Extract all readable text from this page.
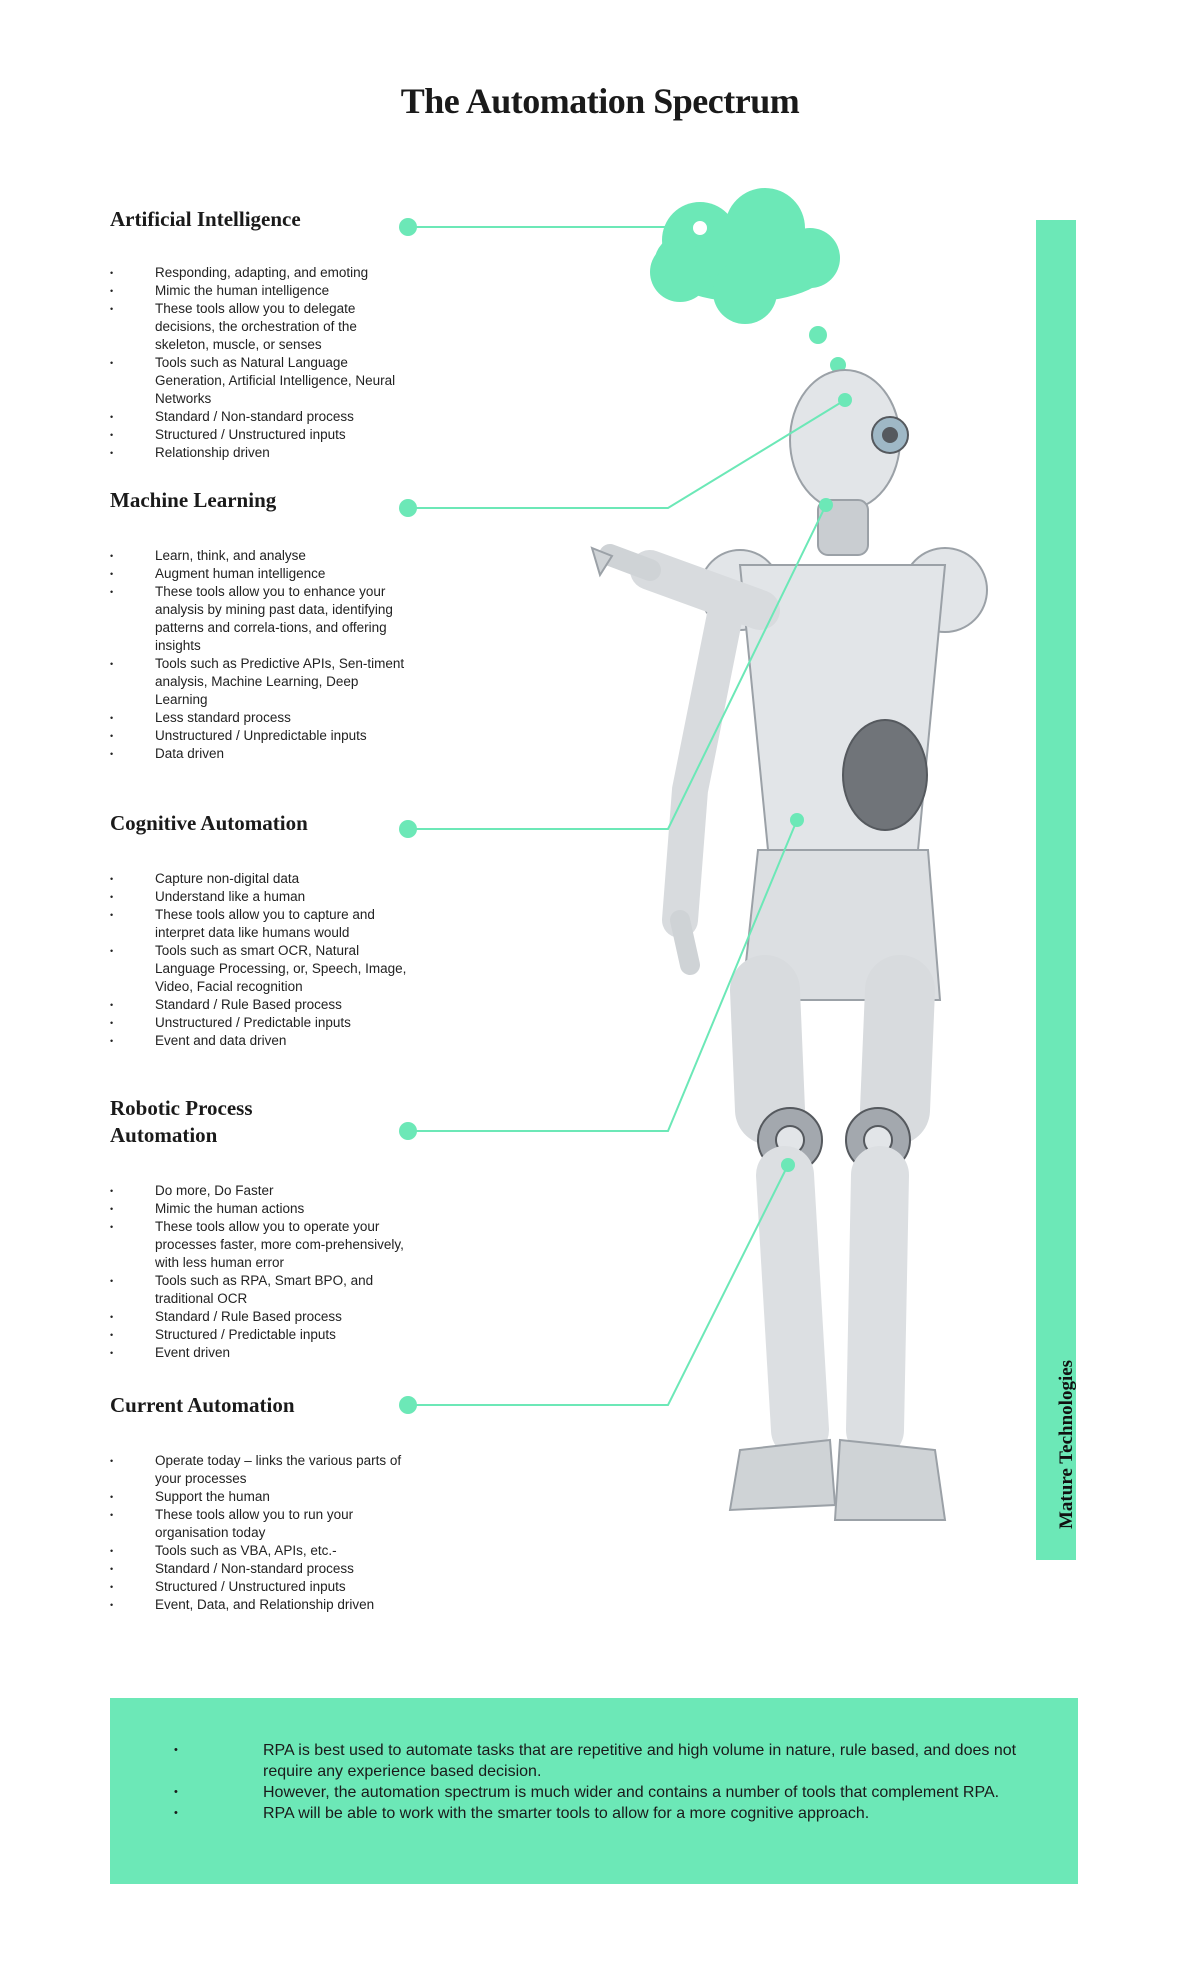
The Automation Spectrum
Artificial Intelligence
• Responding, adapting, and emoting
• Mimic the human intelligence
• These tools allow you to delegate decisions, the orchestration of the skeleton, muscle, or senses
• Tools such as Natural Language Generation, Artificial Intelligence, Neural Networks
• Standard / Non-standard process
• Structured / Unstructured inputs
• Relationship driven
Machine Learning
• Learn, think, and analyse
• Augment human intelligence
• These tools allow you to enhance your analysis by mining past data, identifying patterns and correla-tions, and offering insights
• Tools such as Predictive APIs, Sen-timent analysis, Machine Learning, Deep Learning
• Less standard process
• Unstructured / Unpredictable inputs
• Data driven
Cognitive Automation
• Capture non-digital data
• Understand like a human
• These tools allow you to capture and interpret data like humans would
• Tools such as smart OCR, Natural Language Processing, or, Speech, Image, Video, Facial recognition
• Standard / Rule Based process
• Unstructured / Predictable inputs
• Event and data driven
Robotic Process Automation
• Do more, Do Faster
• Mimic the human actions
• These tools allow you to operate your processes faster, more com-prehensively, with less human error
• Tools such as RPA, Smart BPO, and traditional OCR
• Standard / Rule Based process
• Structured / Predictable inputs
• Event driven
Current Automation
• Operate today – links the various parts of your processes
• Support the human
• These tools allow you to run your organisation today
• Tools such as VBA, APIs, etc.-
• Standard / Non-standard process
• Structured / Unstructured inputs
• Event, Data, and Relationship driven
Mature Technologies
• RPA is best used to automate tasks that are repetitive and high volume in nature, rule based, and does not require any experience based decision.
• However, the automation spectrum is much wider and contains a number of tools that complement RPA.
• RPA will be able to work with the smarter tools to allow for a more cognitive approach.
